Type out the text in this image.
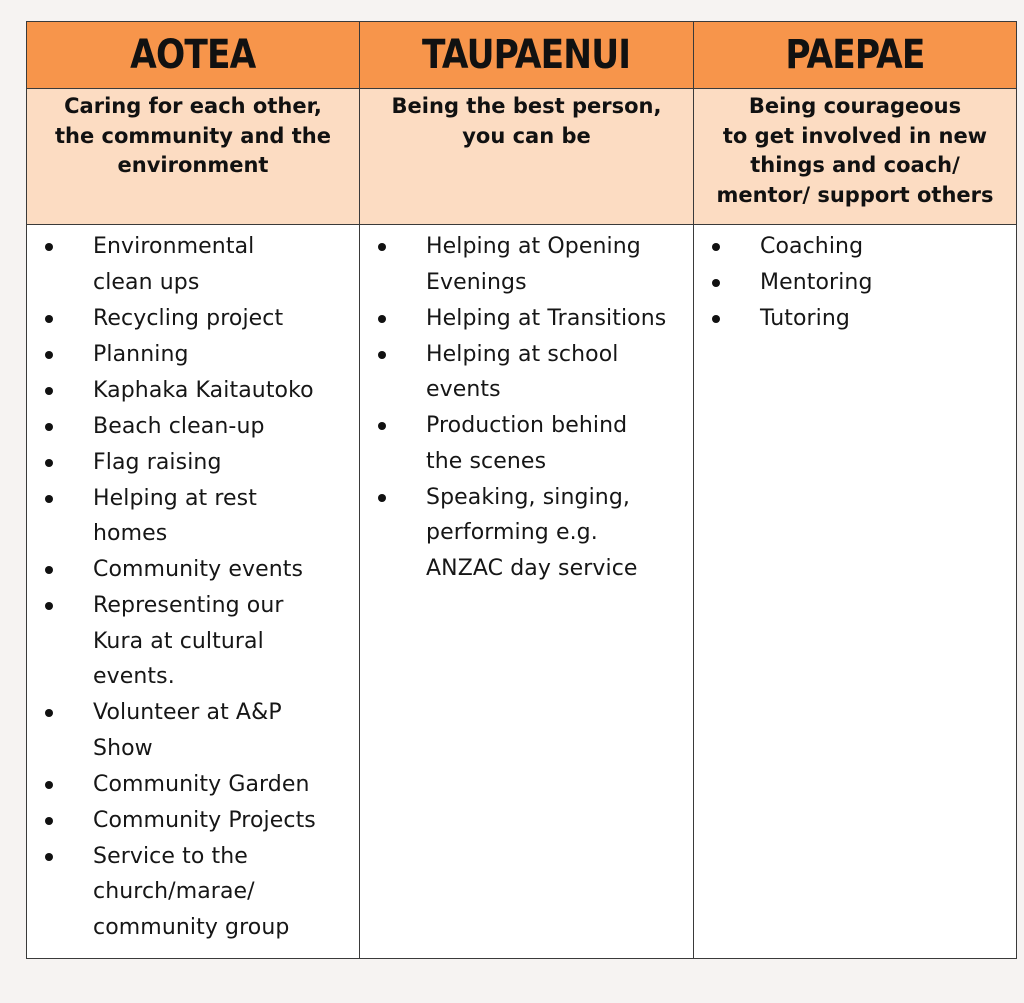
AOTEA	TAUPAENUI	PAEPAE
Caring for each other,
the community and the
environment
Being the best person,
you can be
Being courageous
to get involved in new
things and coach/
mentor/ support others
Environmental
clean ups
Recycling project
Planning
Kaphaka Kaitautoko
Beach clean-up
Flag raising
Helping at rest
homes
Community events
Representing our
Kura at cultural
events.
Volunteer at A&P
Show
Community Garden
Community Projects
Service to the
church/marae/
community group
Helping at Opening
Evenings
Helping at Transitions
Helping at school
events
Production behind
the scenes
Speaking, singing,
performing e.g.
ANZAC day service
Coaching
Mentoring
Tutoring
